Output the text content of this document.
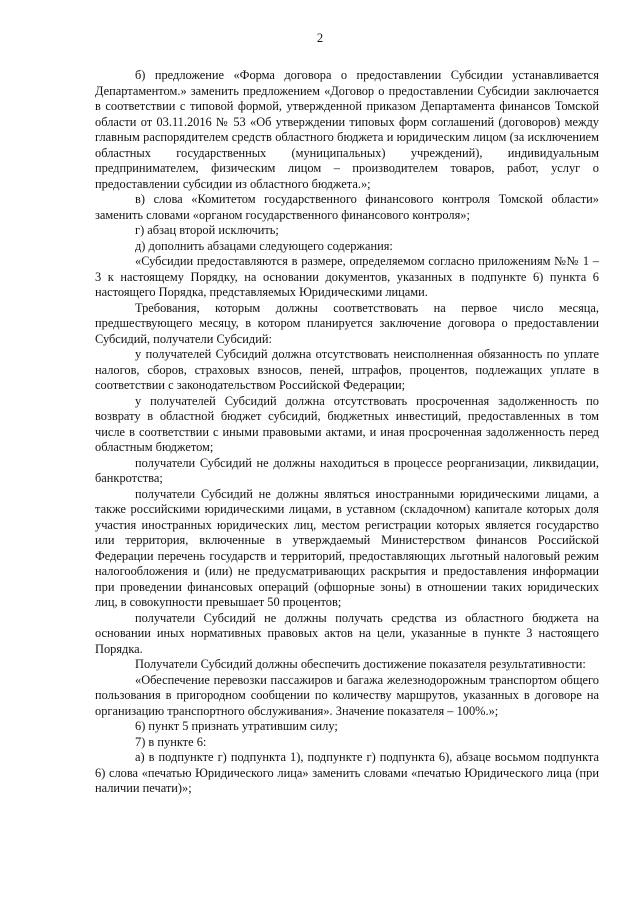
2

б) предложение «Форма договора о предоставлении Субсидии устанавливается Департаментом.» заменить предложением «Договор о предоставлении Субсидии заключается в соответствии с типовой формой, утвержденной приказом Департамента финансов Томской области от 03.11.2016 № 53 «Об утверждении типовых форм соглашений (договоров) между главным распорядителем средств областного бюджета и юридическим лицом (за исключением областных государственных (муниципальных) учреждений), индивидуальным предпринимателем, физическим лицом – производителем товаров, работ, услуг о предоставлении субсидии из областного бюджета.»;

в) слова «Комитетом государственного финансового контроля Томской области» заменить словами «органом государственного финансового контроля»;

г) абзац второй исключить;

д) дополнить абзацами следующего содержания:

«Субсидии предоставляются в размере, определяемом согласно приложениям №№ 1 – 3 к настоящему Порядку, на основании документов, указанных в подпункте 6) пункта 6 настоящего Порядка, представляемых Юридическими лицами.

Требования, которым должны соответствовать на первое число месяца, предшествующего месяцу, в котором планируется заключение договора о предоставлении Субсидий, получатели Субсидий:

у получателей Субсидий должна отсутствовать неисполненная обязанность по уплате налогов, сборов, страховых взносов, пеней, штрафов, процентов, подлежащих уплате в соответствии с законодательством Российской Федерации;

у получателей Субсидий должна отсутствовать просроченная задолженность по возврату в областной бюджет субсидий, бюджетных инвестиций, предоставленных в том числе в соответствии с иными правовыми актами, и иная просроченная задолженность перед областным бюджетом;

получатели Субсидий не должны находиться в процессе реорганизации, ликвидации, банкротства;

получатели Субсидий не должны являться иностранными юридическими лицами, а также российскими юридическими лицами, в уставном (складочном) капитале которых доля участия иностранных юридических лиц, местом регистрации которых является государство или территория, включенные в утверждаемый Министерством финансов Российской Федерации перечень государств и территорий, предоставляющих льготный налоговый режим налогообложения и (или) не предусматривающих раскрытия и предоставления информации при проведении финансовых операций (офшорные зоны) в отношении таких юридических лиц, в совокупности превышает 50 процентов;

получатели Субсидий не должны получать средства из областного бюджета на основании иных нормативных правовых актов на цели, указанные в пункте 3 настоящего Порядка.

Получатели Субсидий должны обеспечить достижение показателя результативности:

«Обеспечение перевозки пассажиров и багажа железнодорожным транспортом общего пользования в пригородном сообщении по количеству маршрутов, указанных в договоре на организацию транспортного обслуживания». Значение показателя – 100%.»;

6) пункт 5 признать утратившим силу;

7) в пункте 6:

а) в подпункте г) подпункта 1), подпункте г) подпункта 6), абзаце восьмом подпункта 6) слова «печатью Юридического лица» заменить словами «печатью Юридического лица (при наличии печати)»;
